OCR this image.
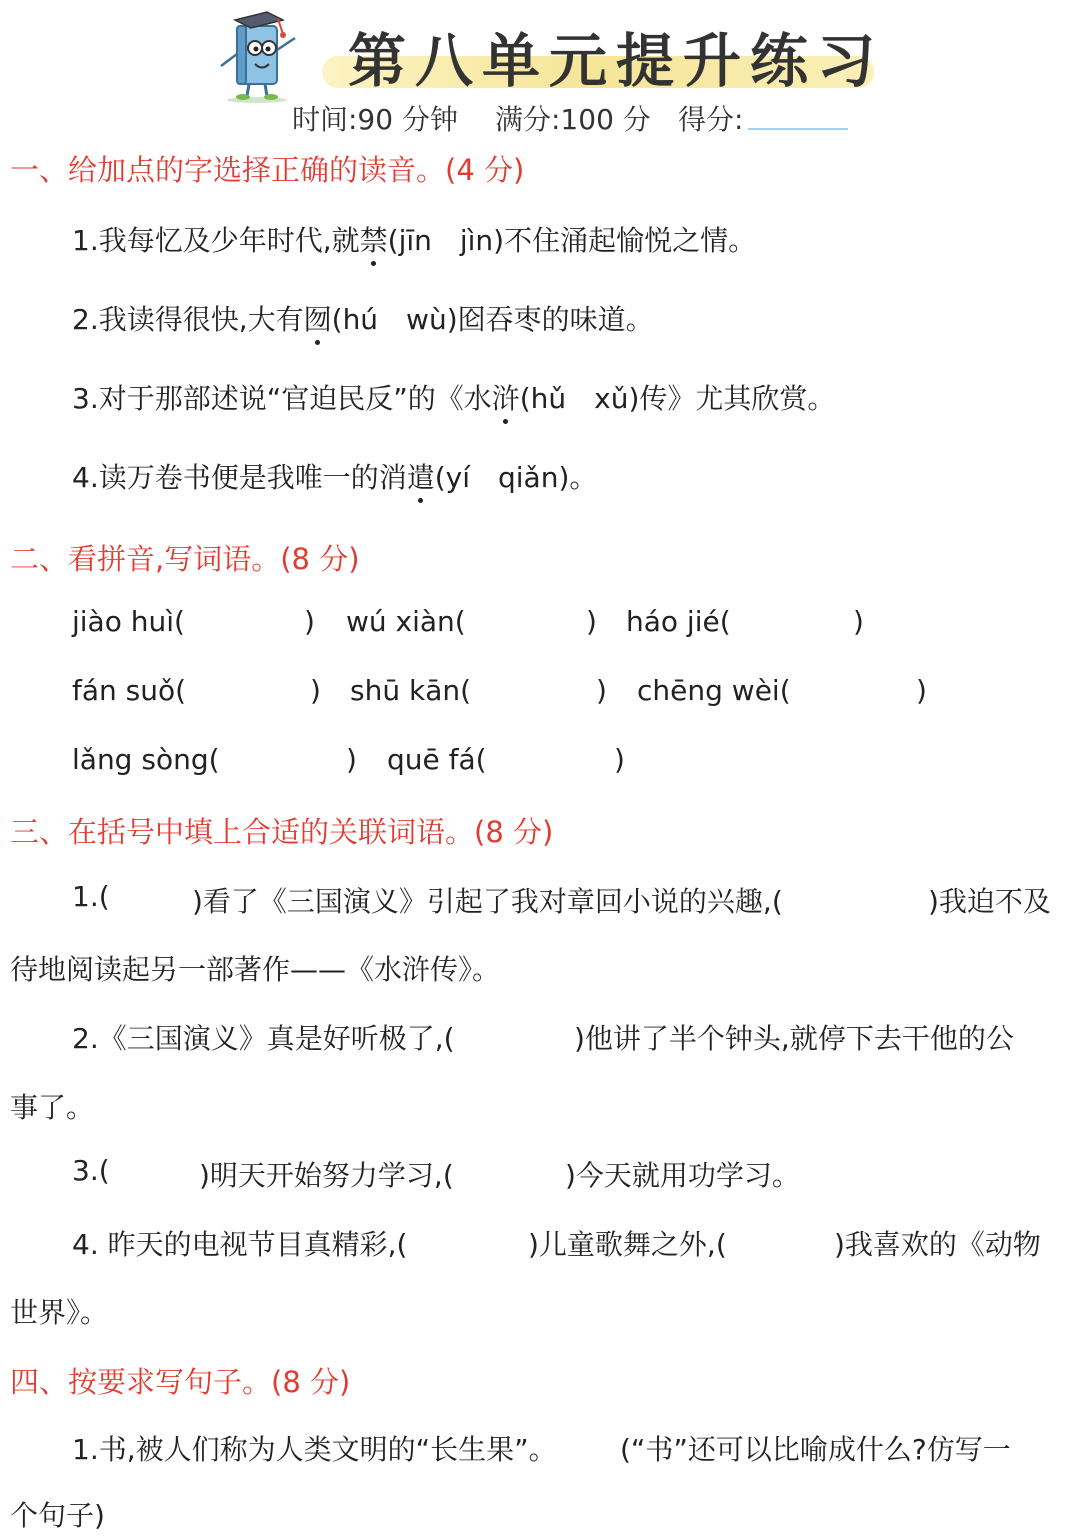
第八单元提升练习
时间:90 分钟 满分:100 分 得分:
一、给加点的字选择正确的读音。(4 分)
1.我每忆及少年时代,就禁(jīn　jìn)不住涌起愉悦之情。
2.我读得很快,大有囫(hú　wù)囵吞枣的味道。
3.对于那部述说“官迫民反”的《水浒(hǔ　xǔ)传》尤其欣赏。
4.读万卷书便是我唯一的消遣(yí　qiǎn)。
二、看拼音,写词语。(8 分)
jiào huì(	) wú xiàn(	) háo jié(	)
fán suǒ(	) shū kān(	) chēng wèi(	)
lǎng sòng(	) quē fá(	)
三、在括号中填上合适的关联词语。(8 分)
1.(	)看了《三国演义》引起了我对章回小说的兴趣,(	)我迫不及
待地阅读起另一部著作——《水浒传》。
2.《三国演义》真是好听极了,(	)他讲了半个钟头,就停下去干他的公
事了。
3.(	)明天开始努力学习,(	)今天就用功学习。
4. 昨天的电视节目真精彩,(	)儿童歌舞之外,(	)我喜欢的《动物
世界》。
四、按要求写句子。(8 分)
1.书,被人们称为人类文明的“长生果”。 (“书”还可以比喻成什么?仿写一
个句子)
